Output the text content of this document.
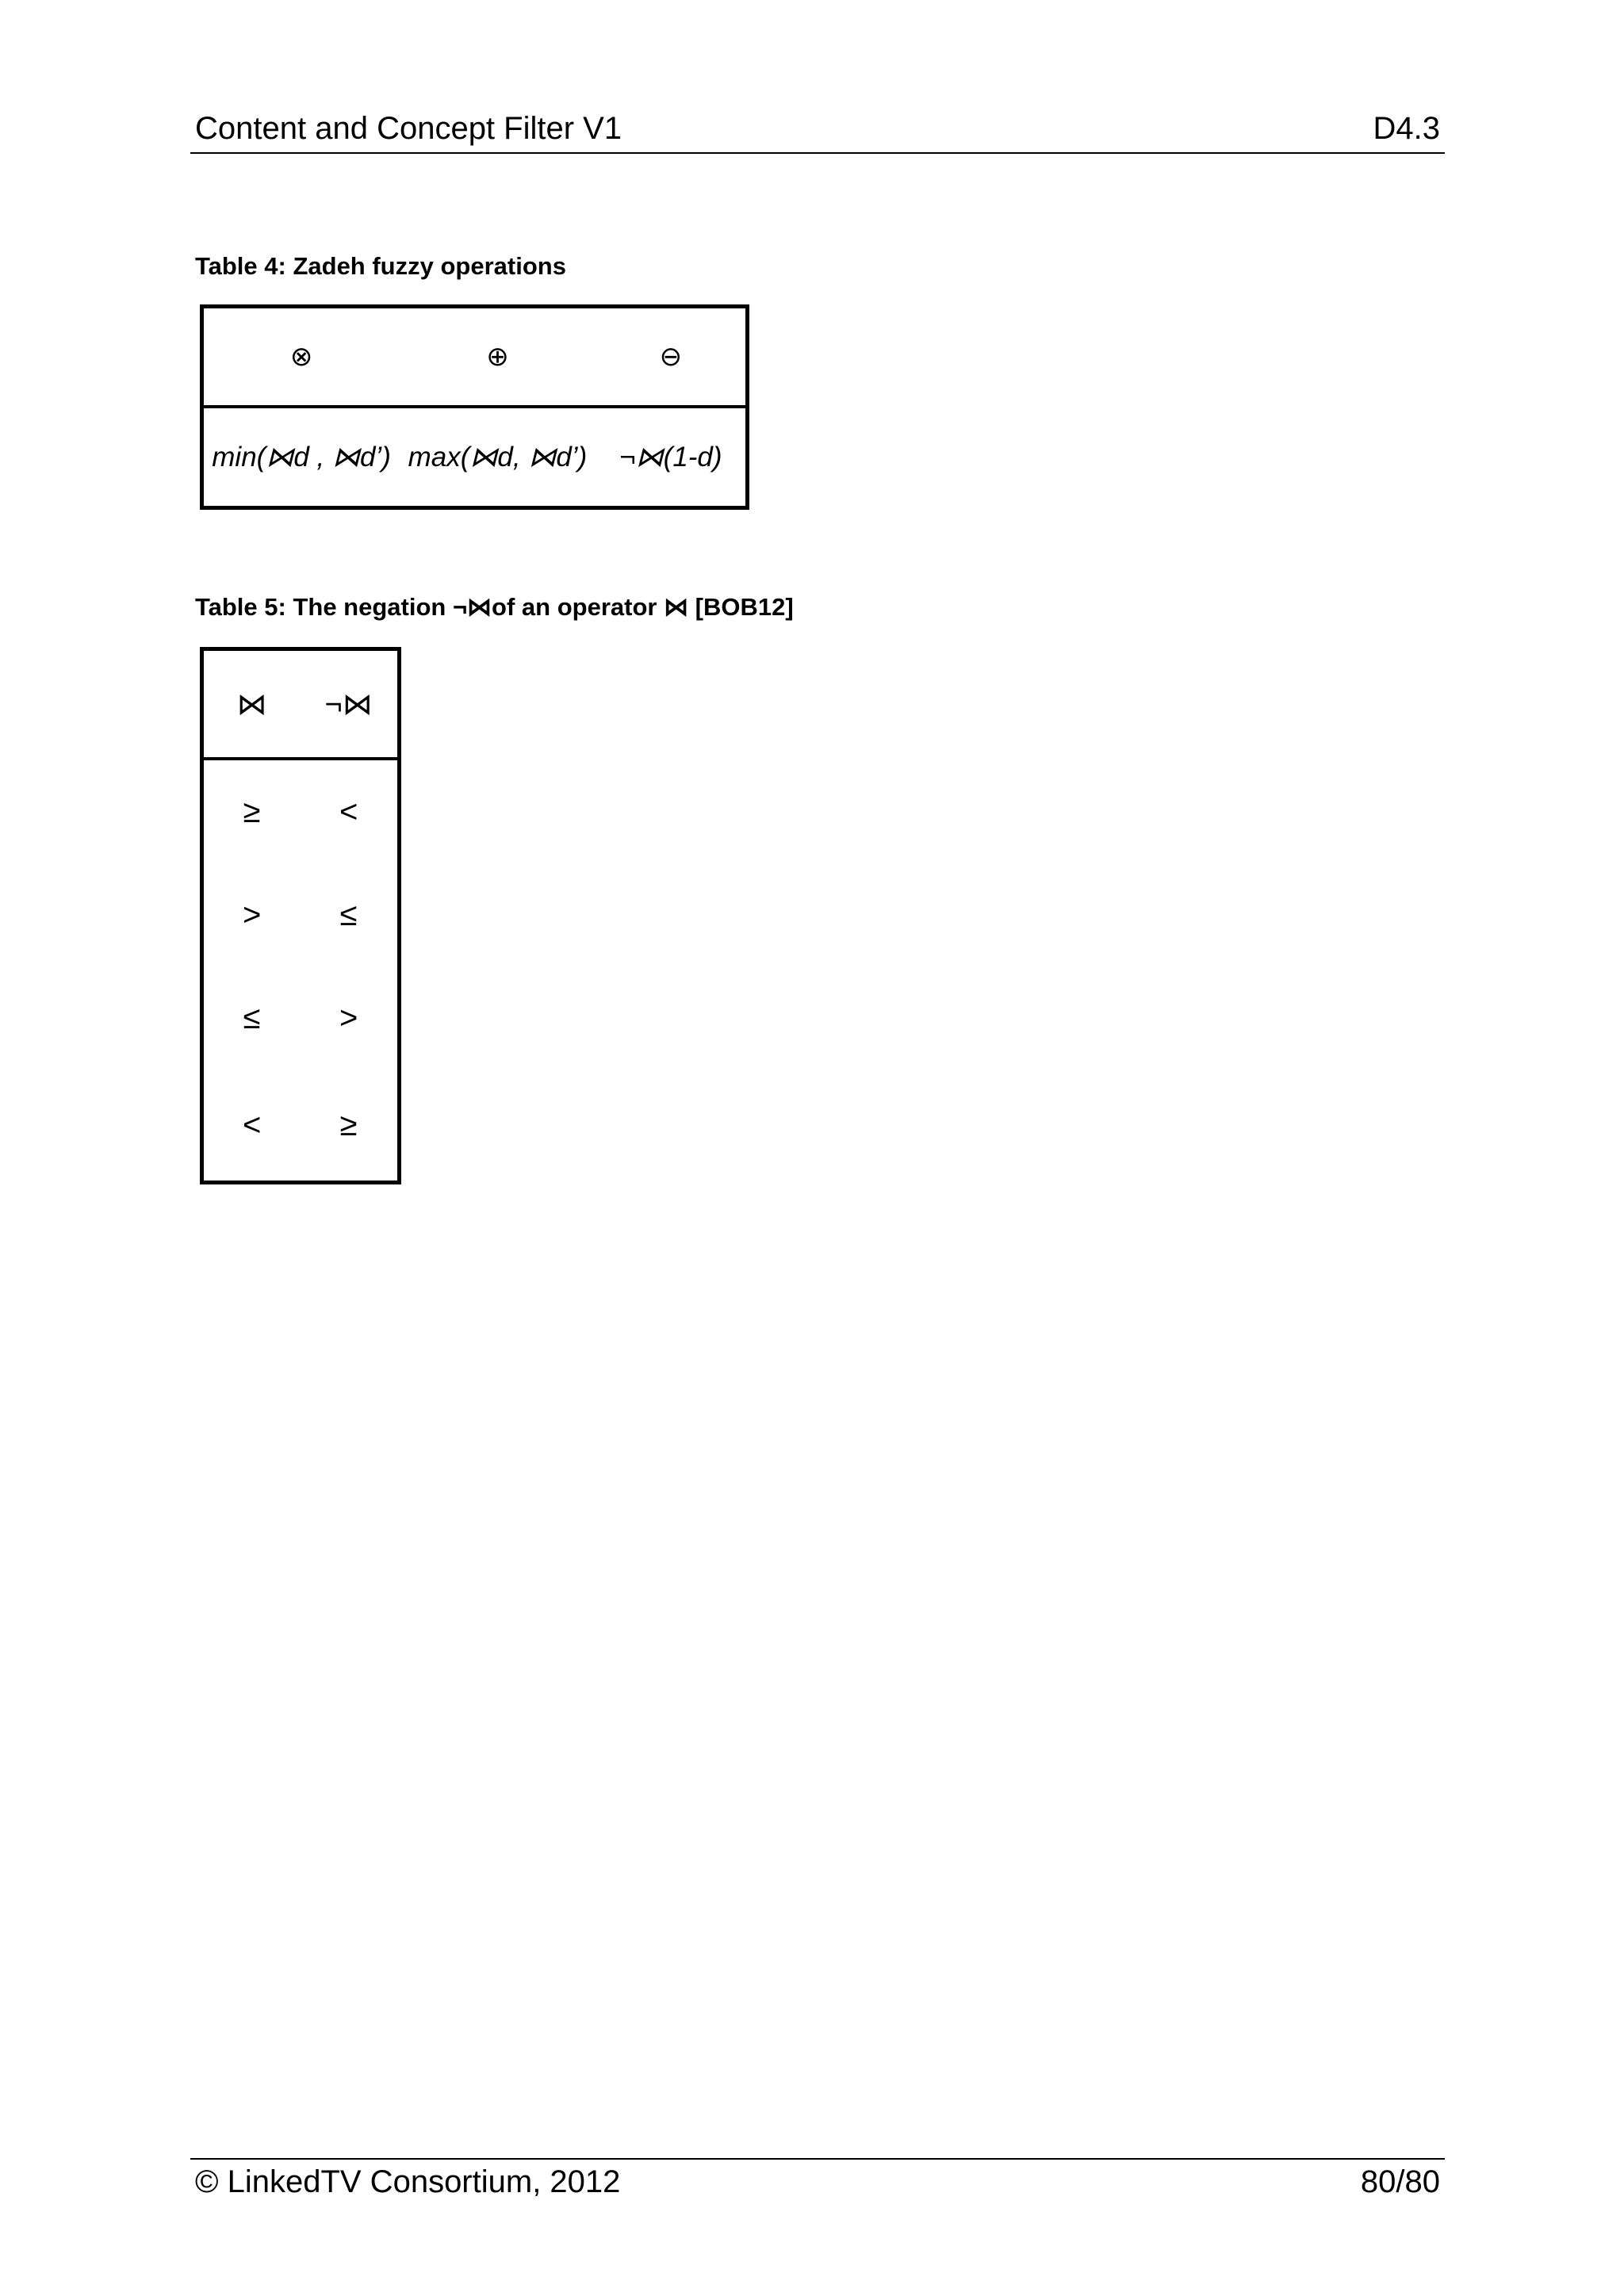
Content and Concept Filter V1	D4.3
Table 4: Zadeh fuzzy operations
⊗	⊕	⊖
min(⋈d , ⋈d’)	max(⋈d, ⋈d’)	¬⋈(1-d)
Table 5: The negation ¬⋈of an operator ⋈ [BOB12]
⋈	¬⋈
≥	<
>	≤
≤	>
<	≥
© LinkedTV Consortium, 2012	80/80
